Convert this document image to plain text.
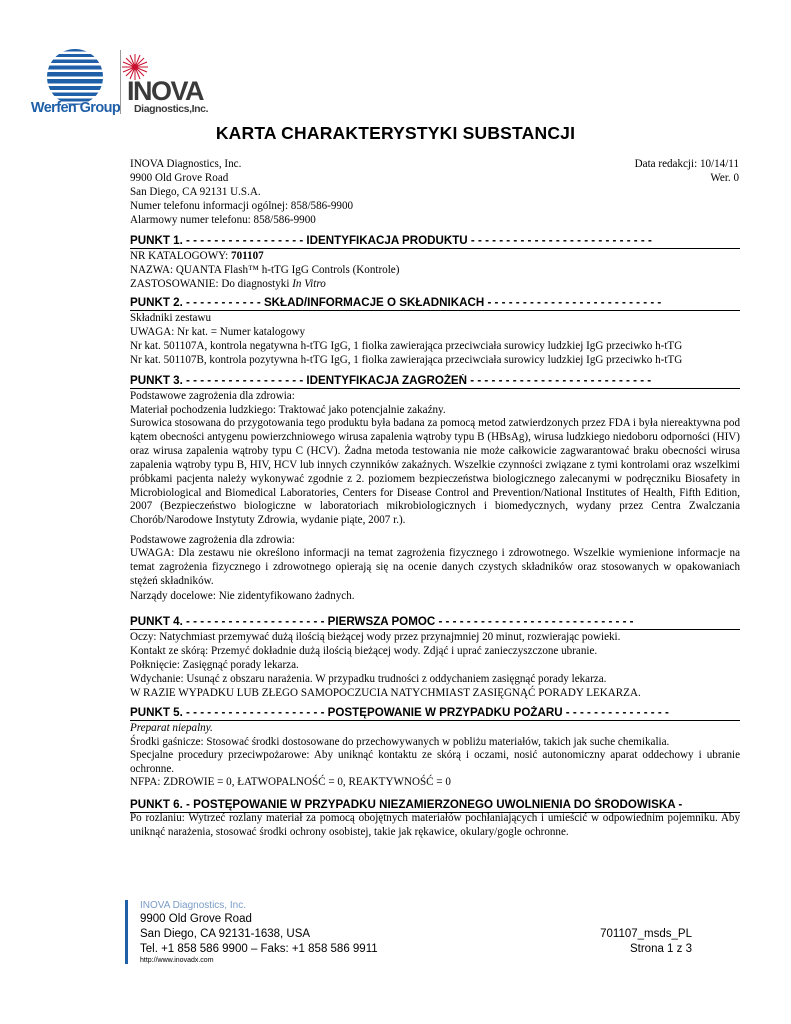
Werfen Group
INOVA
Diagnostics,Inc.
KARTA CHARAKTERYSTYKI SUBSTANCJI
INOVA Diagnostics, Inc.
9900 Old Grove Road
San Diego, CA 92131 U.S.A.
Numer telefonu informacji ogólnej: 858/586-9900
Alarmowy numer telefonu: 858/586-9900
Data redakcji: 10/14/11
Wer. 0
PUNKT 1. - - - - - - - - - - - - - - - - - IDENTYFIKACJA PRODUKTU - - - - - - - - - - - - - - - - - - - - - - - - - -
NR KATALOGOWY: 701107
NAZWA: QUANTA Flash™ h-tTG IgG Controls (Kontrole)
ZASTOSOWANIE: Do diagnostyki In Vitro
PUNKT 2. - - - - - - - - - - - SKŁAD/INFORMACJE O SKŁADNIKACH - - - - - - - - - - - - - - - - - - - - - - - - -
Składniki zestawu
UWAGA: Nr kat. = Numer katalogowy
Nr kat. 501107A, kontrola negatywna h-tTG IgG, 1 fiolka zawierająca przeciwciała surowicy ludzkiej IgG przeciwko h-tTG
Nr kat. 501107B, kontrola pozytywna h-tTG IgG, 1 fiolka zawierająca przeciwciała surowicy ludzkiej IgG przeciwko h-tTG
PUNKT 3. - - - - - - - - - - - - - - - - - IDENTYFIKACJA ZAGROŻEŃ - - - - - - - - - - - - - - - - - - - - - - - - - -
Podstawowe zagrożenia dla zdrowia:
Materiał pochodzenia ludzkiego: Traktować jako potencjalnie zakaźny.
Surowica stosowana do przygotowania tego produktu była badana za pomocą metod zatwierdzonych przez FDA i była niereaktywna pod kątem obecności antygenu powierzchniowego wirusa zapalenia wątroby typu B (HBsAg), wirusa ludzkiego niedoboru odporności (HIV) oraz wirusa zapalenia wątroby typu C (HCV). Żadna metoda testowania nie może całkowicie zagwarantować braku obecności wirusa zapalenia wątroby typu B, HIV, HCV lub innych czynników zakaźnych. Wszelkie czynności związane z tymi kontrolami oraz wszelkimi próbkami pacjenta należy wykonywać zgodnie z 2. poziomem bezpieczeństwa biologicznego zalecanymi w podręczniku Biosafety in Microbiological and Biomedical Laboratories, Centers for Disease Control and Prevention/National Institutes of Health, Fifth Edition, 2007 (Bezpieczeństwo biologiczne w laboratoriach mikrobiologicznych i biomedycznych, wydany przez Centra Zwalczania Chorób/Narodowe Instytuty Zdrowia, wydanie piąte, 2007 r.).
Podstawowe zagrożenia dla zdrowia:
UWAGA: Dla zestawu nie określono informacji na temat zagrożenia fizycznego i zdrowotnego. Wszelkie wymienione informacje na temat zagrożenia fizycznego i zdrowotnego opierają się na ocenie danych czystych składników oraz stosowanych w opakowaniach stężeń składników.
Narządy docelowe: Nie zidentyfikowano żadnych.
PUNKT 4. - - - - - - - - - - - - - - - - - - - - PIERWSZA POMOC - - - - - - - - - - - - - - - - - - - - - - - - - - - -
Oczy: Natychmiast przemywać dużą ilością bieżącej wody przez przynajmniej 20 minut, rozwierając powieki.
Kontakt ze skórą: Przemyć dokładnie dużą ilością bieżącej wody. Zdjąć i uprać zanieczyszczone ubranie.
Połknięcie: Zasięgnąć porady lekarza.
Wdychanie: Usunąć z obszaru narażenia. W przypadku trudności z oddychaniem zasięgnąć porady lekarza.
W RAZIE WYPADKU LUB ZŁEGO SAMOPOCZUCIA NATYCHMIAST ZASIĘGNĄĆ PORADY LEKARZA.
PUNKT 5. - - - - - - - - - - - - - - - - - - - - POSTĘPOWANIE W PRZYPADKU POŻARU - - - - - - - - - - - - - - -
Preparat niepalny.
Środki gaśnicze: Stosować środki dostosowane do przechowywanych w pobliżu materiałów, takich jak suche chemikalia.
Specjalne procedury przeciwpożarowe: Aby uniknąć kontaktu ze skórą i oczami, nosić autonomiczny aparat oddechowy i ubranie ochronne.
NFPA: ZDROWIE = 0, ŁATWOPALNOŚĆ = 0, REAKTYWNOŚĆ = 0
PUNKT 6. - POSTĘPOWANIE W PRZYPADKU NIEZAMIERZONEGO UWOLNIENIA DO ŚRODOWISKA -
Po rozlaniu: Wytrzeć rozlany materiał za pomocą obojętnych materiałów pochłaniających i umieścić w odpowiednim pojemniku. Aby uniknąć narażenia, stosować środki ochrony osobistej, takie jak rękawice, okulary/gogle ochronne.
INOVA Diagnostics, Inc.
9900 Old Grove Road
San Diego, CA 92131-1638, USA
Tel. +1 858 586 9900 – Faks: +1 858 586 9911
http://www.inovadx.com
701107_msds_PL
Strona 1 z 3
